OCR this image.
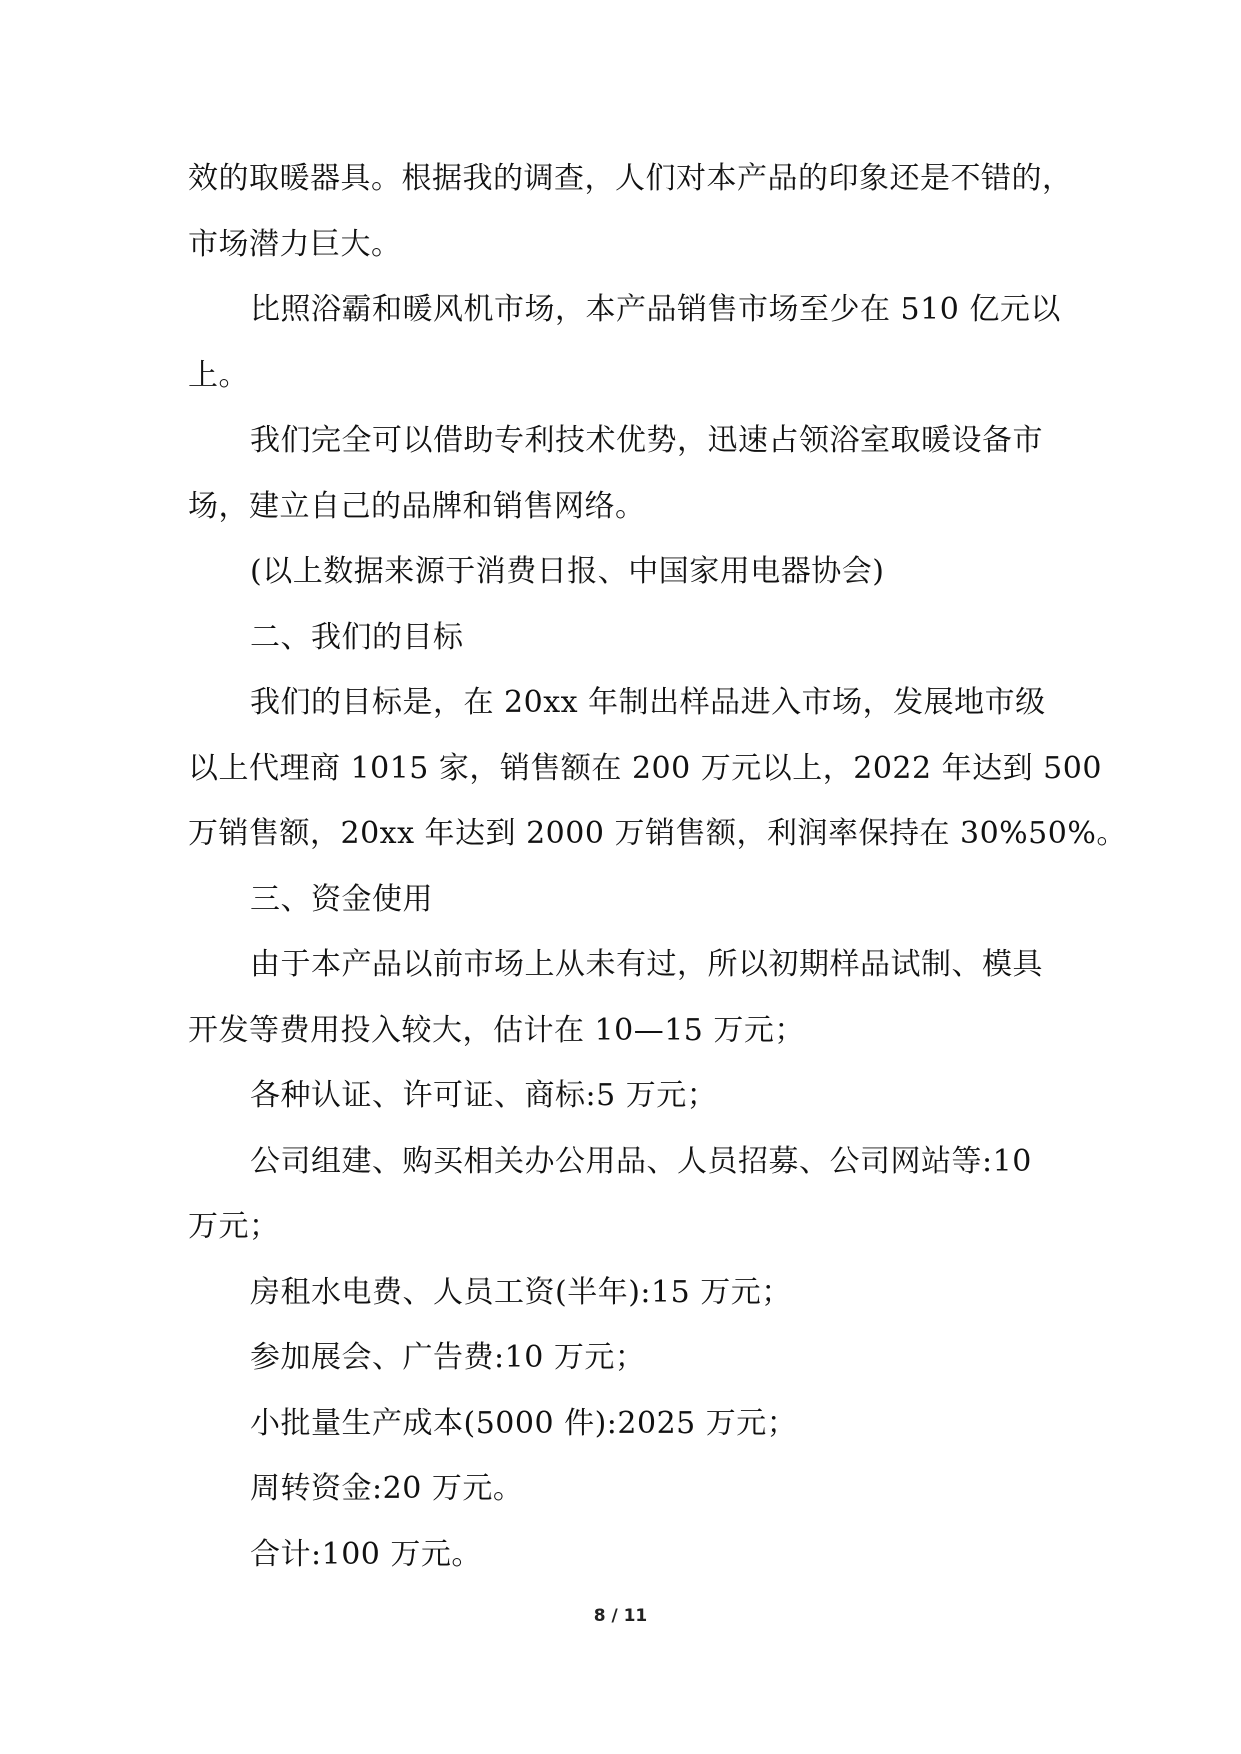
效的取暖器具。根据我的调查，人们对本产品的印象还是不错的，
市场潜力巨大。
比照浴霸和暖风机市场，本产品销售市场至少在 510 亿元以
上。
我们完全可以借助专利技术优势，迅速占领浴室取暖设备市
场，建立自己的品牌和销售网络。
(以上数据来源于消费日报、中国家用电器协会)
二、我们的目标
我们的目标是，在 20xx 年制出样品进入市场，发展地市级
以上代理商 1015 家，销售额在 200 万元以上，2022 年达到 500
万销售额，20xx 年达到 2000 万销售额，利润率保持在 30%50%。
三、资金使用
由于本产品以前市场上从未有过，所以初期样品试制、模具
开发等费用投入较大，估计在 10—15 万元；
各种认证、许可证、商标:5 万元；
公司组建、购买相关办公用品、人员招募、公司网站等:10
万元；
房租水电费、人员工资(半年):15 万元；
参加展会、广告费:10 万元；
小批量生产成本(5000 件):2025 万元；
周转资金:20 万元。
合计:100 万元。
8 / 11
